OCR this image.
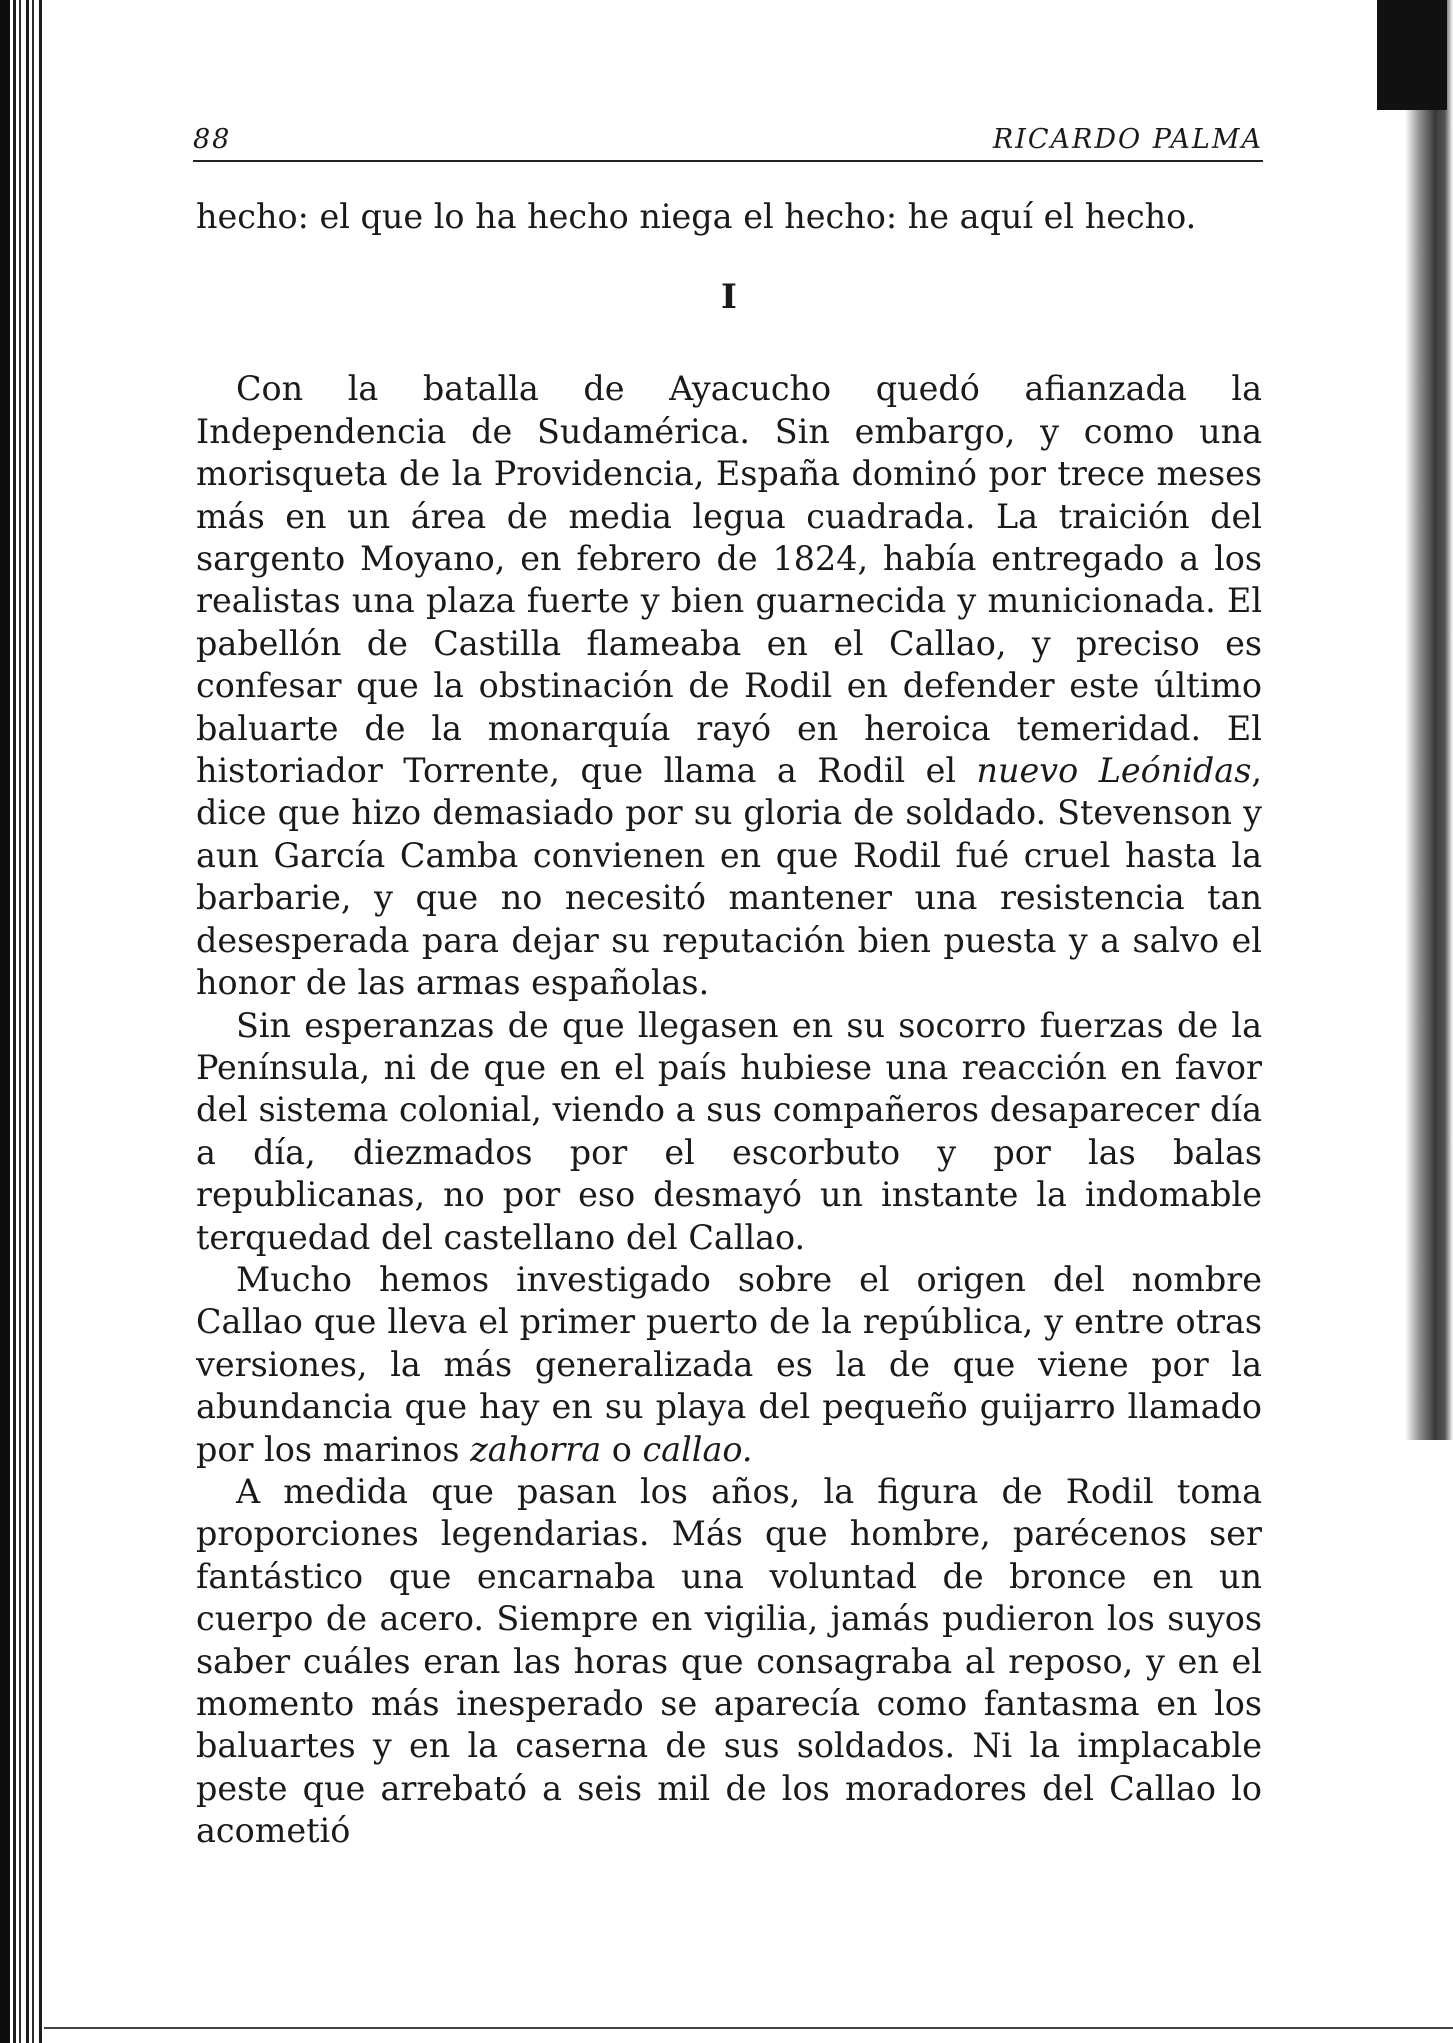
88	RICARDO PALMA

hecho: el que lo ha hecho niega el hecho: he aquí el hecho.

I

Con la batalla de Ayacucho quedó afianzada la Independencia de Sudamérica. Sin embargo, y como una morisqueta de la Providencia, España dominó por trece meses más en un área de media legua cuadrada. La traición del sargento Moyano, en febrero de 1824, había entregado a los realistas una plaza fuerte y bien guarnecida y municionada. El pabellón de Castilla flameaba en el Callao, y preciso es confesar que la obstinación de Rodil en defender este último baluarte de la monarquía rayó en heroica temeridad. El historiador Torrente, que llama a Rodil el nuevo Leónidas, dice que hizo demasiado por su gloria de soldado. Stevenson y aun García Camba convienen en que Rodil fué cruel hasta la barbarie, y que no necesitó mantener una resistencia tan desesperada para dejar su reputación bien puesta y a salvo el honor de las armas españolas.

Sin esperanzas de que llegasen en su socorro fuerzas de la Península, ni de que en el país hubiese una reacción en favor del sistema colonial, viendo a sus compañeros desaparecer día a día, diezmados por el escorbuto y por las balas republicanas, no por eso desmayó un instante la indomable terquedad del castellano del Callao.

Mucho hemos investigado sobre el origen del nombre Callao que lleva el primer puerto de la república, y entre otras versiones, la más generalizada es la de que viene por la abundancia que hay en su playa del pequeño guijarro llamado por los marinos zahorra o callao.

A medida que pasan los años, la figura de Rodil toma proporciones legendarias. Más que hombre, parécenos ser fantástico que encarnaba una voluntad de bronce en un cuerpo de acero. Siempre en vigilia, jamás pudieron los suyos saber cuáles eran las horas que consagraba al reposo, y en el momento más inesperado se aparecía como fantasma en los baluartes y en la caserna de sus soldados. Ni la implacable peste que arrebató a seis mil de los moradores del Callao lo acometió
